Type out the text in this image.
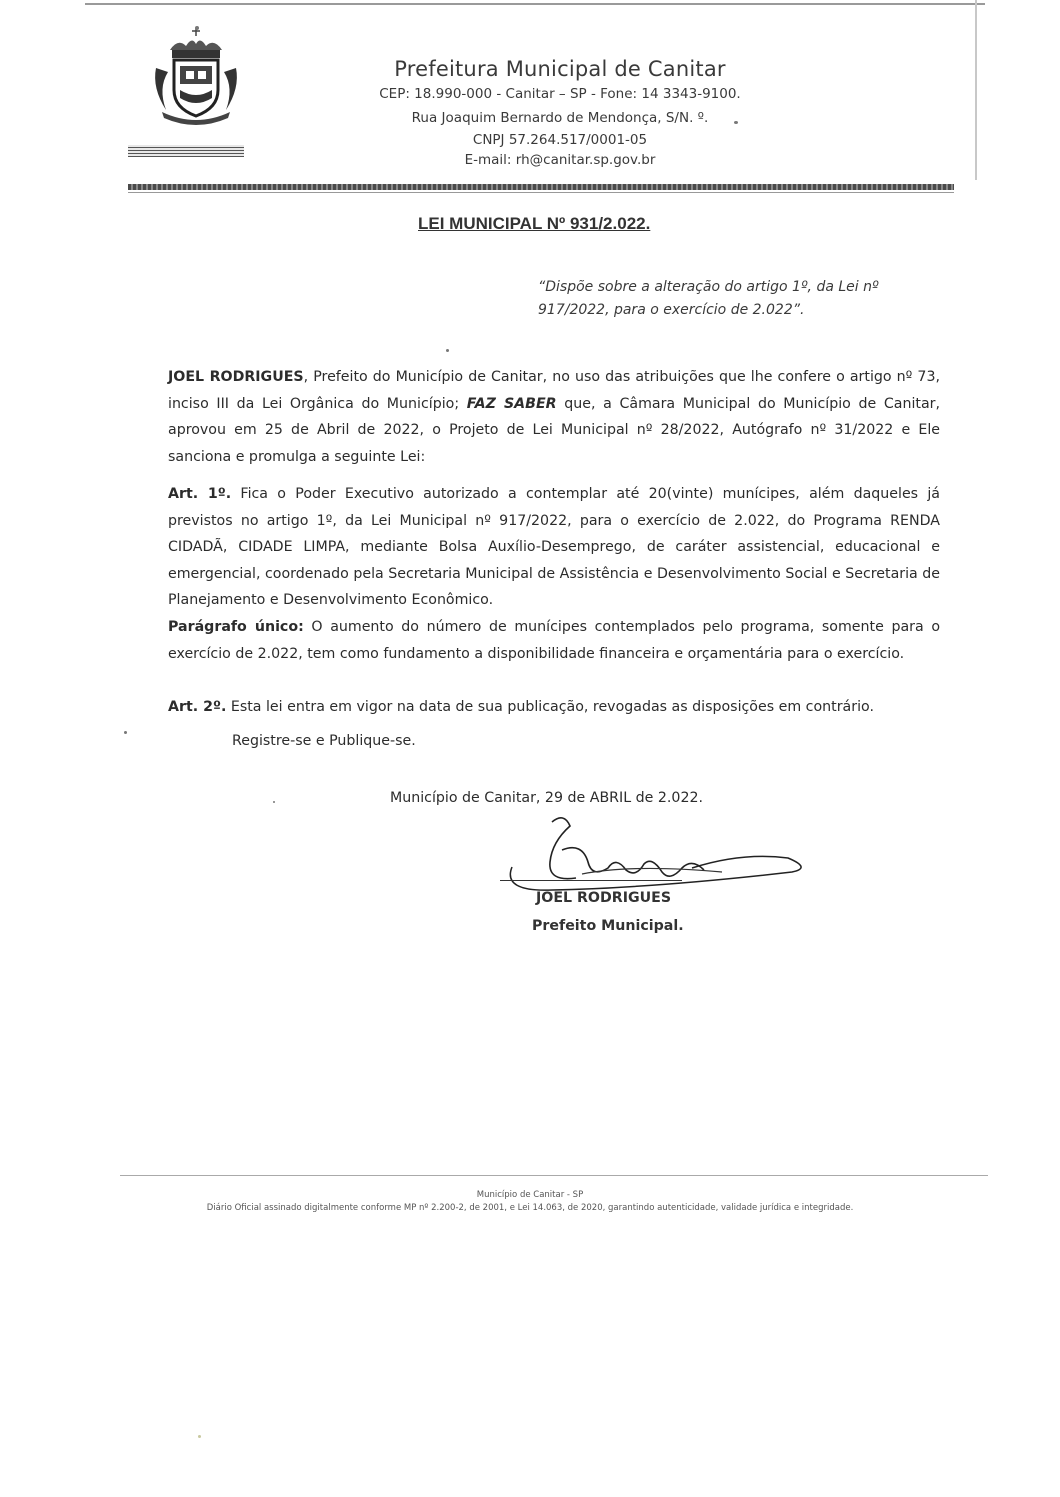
Prefeitura Municipal de Canitar
CEP: 18.990-000 - Canitar – SP - Fone: 14 3343-9100.
Rua Joaquim Bernardo de Mendonça, S/N. º.
CNPJ 57.264.517/0001-05
E-mail: rh@canitar.sp.gov.br
LEI MUNICIPAL Nº 931/2.022.
“Dispõe sobre a alteração do artigo 1º, da Lei nº 917/2022, para o exercício de 2.022”.
JOEL RODRIGUES, Prefeito do Município de Canitar, no uso das atribuições que lhe confere o artigo nº 73, inciso III da Lei Orgânica do Município; FAZ SABER que, a Câmara Municipal do Município de Canitar, aprovou em 25 de Abril de 2022, o Projeto de Lei Municipal nº 28/2022, Autógrafo nº 31/2022 e Ele sanciona e promulga a seguinte Lei:
Art. 1º. Fica o Poder Executivo autorizado a contemplar até 20(vinte) munícipes, além daqueles já previstos no artigo 1º, da Lei Municipal nº 917/2022, para o exercício de 2.022, do Programa RENDA CIDADÃ, CIDADE LIMPA, mediante Bolsa Auxílio-Desemprego, de caráter assistencial, educacional e emergencial, coordenado pela Secretaria Municipal de Assistência e Desenvolvimento Social e Secretaria de Planejamento e Desenvolvimento Econômico.
Parágrafo único: O aumento do número de munícipes contemplados pelo programa, somente para o exercício de 2.022, tem como fundamento a disponibilidade financeira e orçamentária para o exercício.
Art. 2º. Esta lei entra em vigor na data de sua publicação, revogadas as disposições em contrário.
Registre-se e Publique-se.
Município de Canitar, 29 de ABRIL de 2.022.
JOEL RODRIGUES
Prefeito Municipal.
Município de Canitar - SP
Diário Oficial assinado digitalmente conforme MP nº 2.200-2, de 2001, e Lei 14.063, de 2020, garantindo autenticidade, validade jurídica e integridade.
